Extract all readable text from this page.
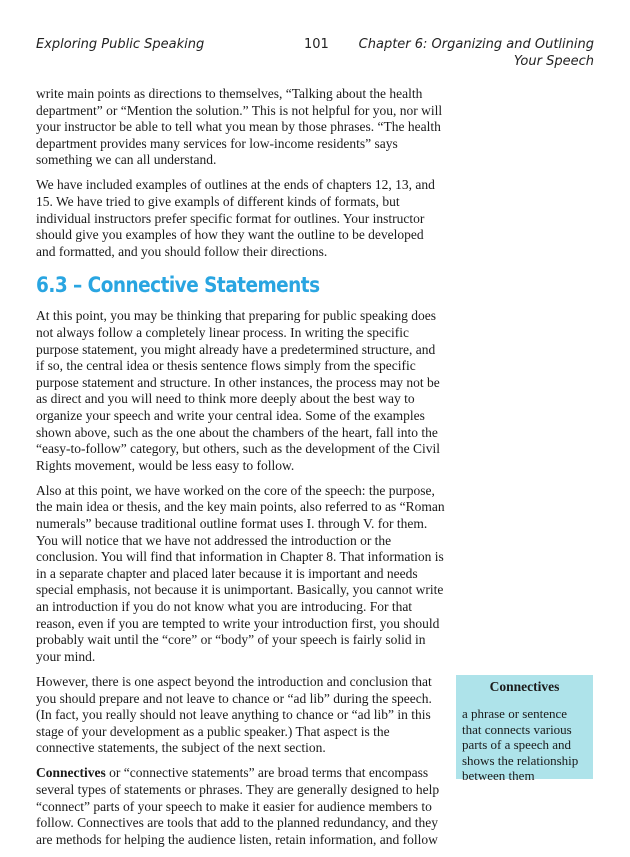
Exploring Public Speaking	101 Chapter 6: Organizing and Outlining
Your Speech

write main points as directions to themselves, “Talking about the health department” or “Mention the solution.” This is not helpful for you, nor will your instructor be able to tell what you mean by those phrases. “The health department provides many services for low-income residents” says something we can all understand.

We have included examples of outlines at the ends of chapters 12, 13, and 15. We have tried to give exampls of different kinds of formats, but individual instructors prefer specific format for outlines. Your instructor should give you examples of how they want the outline to be developed and formatted, and you should follow their directions.

6.3 – Connective Statements

At this point, you may be thinking that preparing for public speaking does not always follow a completely linear process. In writing the specific purpose statement, you might already have a predetermined structure, and if so, the central idea or thesis sentence flows simply from the specific purpose statement and structure. In other instances, the process may not be as direct and you will need to think more deeply about the best way to organize your speech and write your central idea. Some of the examples shown above, such as the one about the chambers of the heart, fall into the “easy-to-follow” category, but others, such as the development of the Civil Rights movement, would be less easy to follow.

Also at this point, we have worked on the core of the speech: the purpose, the main idea or thesis, and the key main points, also referred to as “Roman numerals” because traditional outline format uses I. through V. for them. You will notice that we have not addressed the introduction or the conclusion. You will find that information in Chapter 8. That information is in a separate chapter and placed later because it is important and needs special emphasis, not because it is unimportant. Basically, you cannot write an introduction if you do not know what you are introducing. For that reason, even if you are tempted to write your introduction first, you should probably wait until the “core” or “body” of your speech is fairly solid in your mind.

However, there is one aspect beyond the introduction and conclusion that you should prepare and not leave to chance or “ad lib” during the speech. (In fact, you really should not leave anything to chance or “ad lib” in this stage of your development as a public speaker.) That aspect is the connective statements, the subject of the next section.

Connectives or “connective statements” are broad terms that encompass several types of statements or phrases. They are generally designed to help “connect” parts of your speech to make it easier for audience members to follow. Connectives are tools that add to the planned redundancy, and they are methods for helping the audience listen, retain information, and follow

Connectives
a phrase or sentence that connects various parts of a speech and shows the relationship between them
